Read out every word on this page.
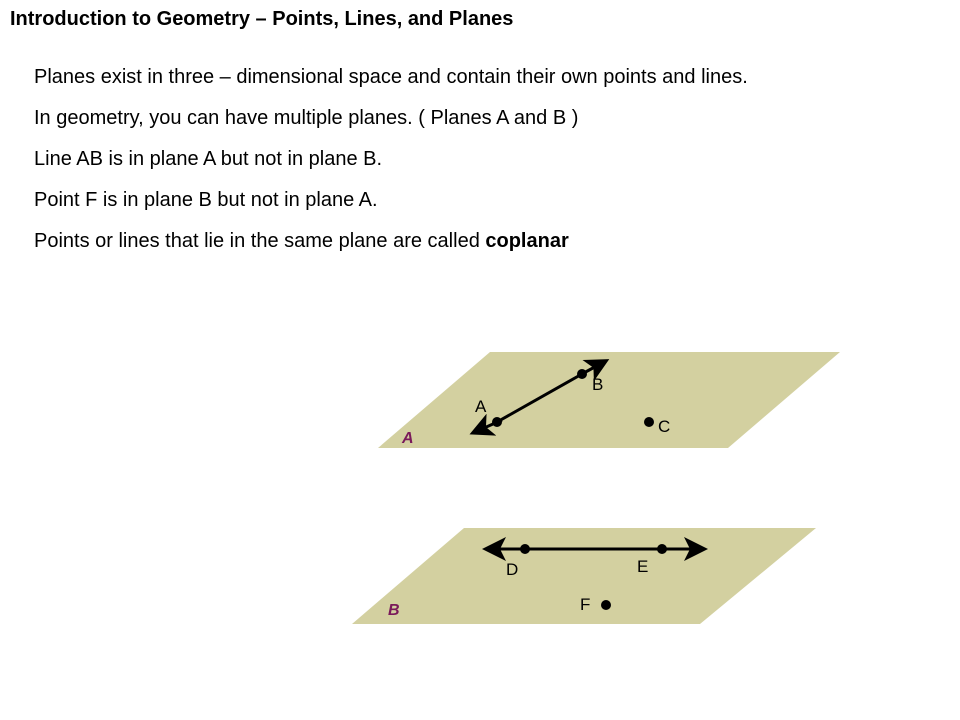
Introduction to Geometry – Points, Lines, and Planes
Planes exist in three – dimensional space and contain their own points and lines.
In geometry, you can have multiple planes. ( Planes A and B )
Line AB is in plane A but not in plane B.
Point F is in plane B but not in plane A.
Points or lines that lie in the same plane are called coplanar
A
B
C
A
D	E
F
B
